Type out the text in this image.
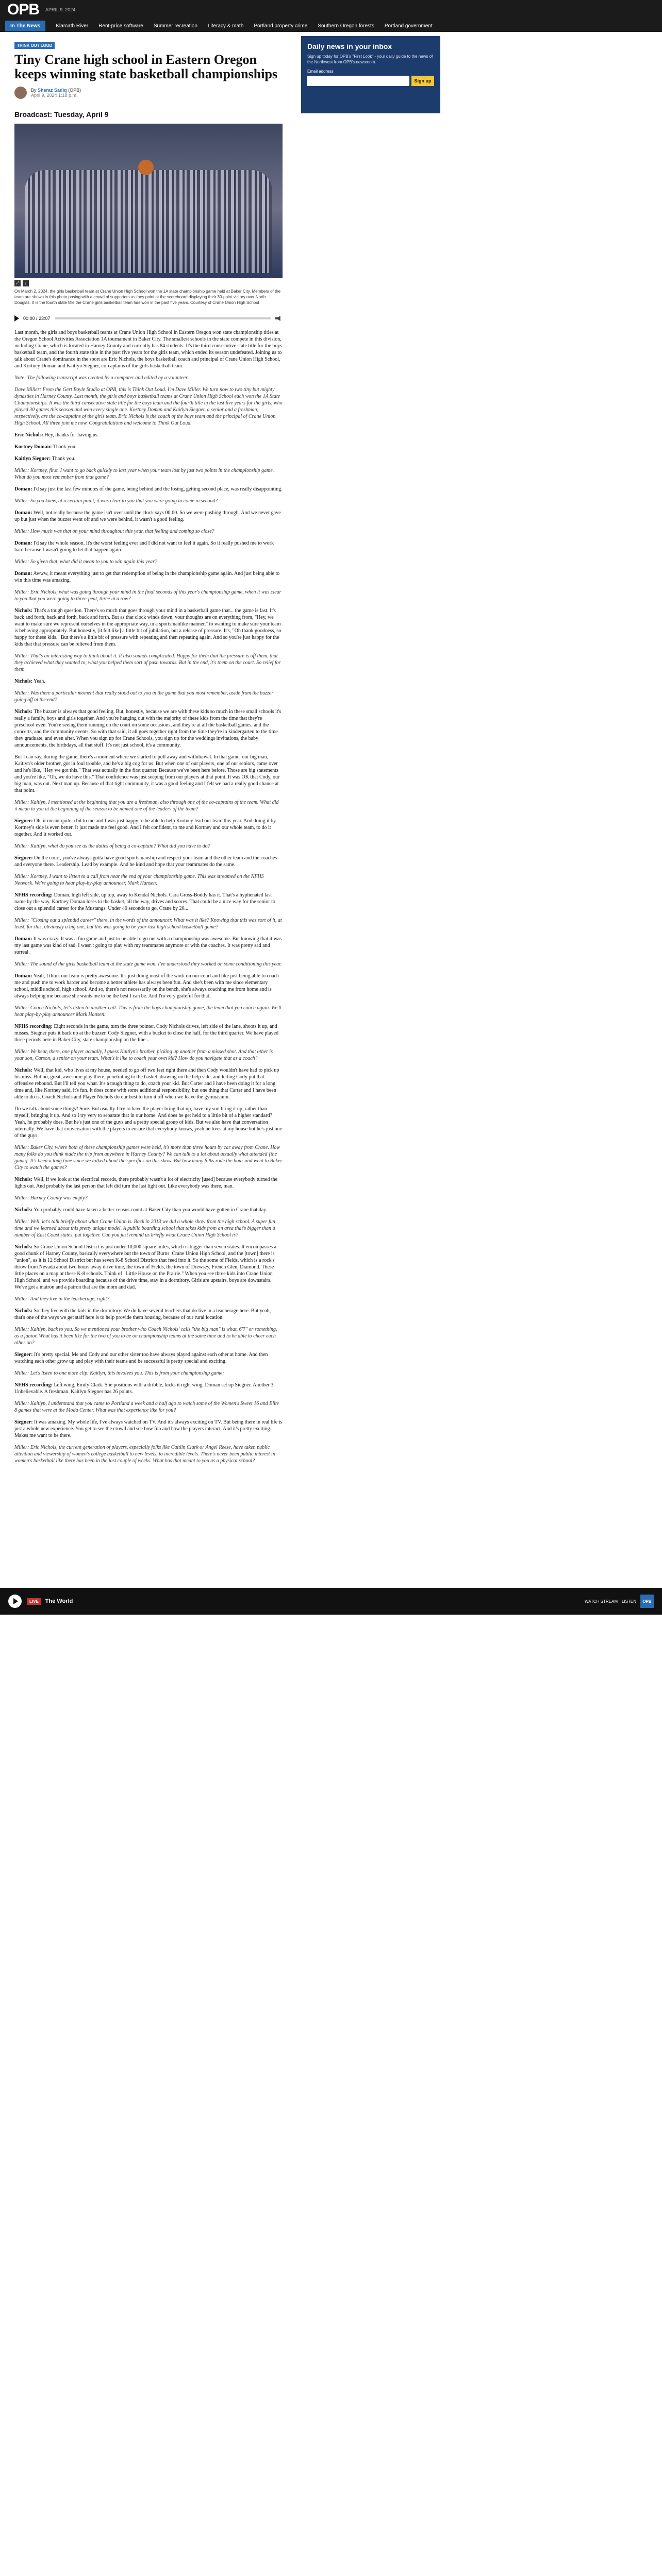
OPB APRIL 9, 2024
In The News	Klamath River Rent-price software Summer recreation Literacy & math Portland property crime Southern Oregon forests Portland government
THINK OUT LOUD
Tiny Crane high school in Eastern Oregon keeps winning state basketball championships
By Sheraz Sadiq (OPB)
April 9, 2024 1:18 p.m.
Broadcast: Tuesday, April 9
⤢	i
On March 2, 2024, the girls basketball team at Crane Union High School won the 1A state championship game held at Baker City. Members of the team are shown in this photo posing with a crowd of supporters as they point at the scoreboard displaying their 30-point victory over North Douglas. It is the fourth state title the Crane girls basketball team has won in the past five years. Courtesy of Crane Union High School
00:00 / 23:07

Last month, the girls and boys basketball teams at Crane Union High School in Eastern Oregon won state championship titles at the Oregon School Activities Association 1A tournament in Baker City. The smallest schools in the state compete in this division, including Crane, which is located in Harney County and currently has 84 students. It's the third consecutive state title for the boys basketball team, and the fourth state title in the past five years for the girls team, which ended its season undefeated. Joining us to talk about Crane's dominance in the sport are Eric Nichols, the boys basketball coach and principal of Crane Union High School, and Kortney Doman and Kaitlyn Siegner, co-captains of the girls basketball team.

Note: The following transcript was created by a computer and edited by a volunteer.

Dave Miller: From the Gert Boyle Studio at OPB, this is Think Out Loud. I'm Dave Miller. We turn now to two tiny but mighty dynasties in Harney County. Last month, the girls and boys basketball teams at Crane Union High School each won the 1A State Championships. It was the third consecutive state title for the boys team and the fourth title in the last five years for the girls, who played 30 games this season and won every single one. Kortney Doman and Kaitlyn Siegner, a senior and a freshman, respectively, are the co-captains of the girls team. Eric Nichols is the coach of the boys team and the principal of Crane Union High School. All three join me now. Congratulations and welcome to Think Out Loud.

Eric Nichols: Hey, thanks for having us.

Kortney Doman: Thank you.

Kaitlyn Siegner: Thank you.

Miller: Kortney, first. I want to go back quickly to last year when your team lost by just two points in the championship game. What do you most remember from that game?

Doman: I'd say just the last few minutes of the game, being behind and the losing, getting second place, was really disappointing.

Miller: So you knew, at a certain point, it was clear to you that you were going to come in second?

Doman: Well, not really because the game isn't over until the clock says 00:00. So we were pushing through. And we never gave up but just when the buzzer went off and we were behind, it wasn't a good feeling.

Miller: How much was that on your mind throughout this year, that feeling and coming so close?

Doman: I'd say the whole season. It's the worst feeling ever and I did not want to feel it again. So it really pushed me to work hard because I wasn't going to let that happen again.

Miller: So given that, what did it mean to you to win again this year?

Doman: Awww, it meant everything just to get that redemption of being in the championship game again. And just being able to win this time was amazing.

Miller: Eric Nichols, what was going through your mind in the final seconds of this year's championship game, when it was clear to you that you were going to three-peat, three in a row?

Nichols: That's a tough question. There's so much that goes through your mind in a basketball game that... the game is fast. It's back and forth, back and forth, back and forth. But as that clock winds down, your thoughts are on everything from, "Hey, we want to make sure we represent ourselves in the appropriate way, in a sportsmanlike manner," to wanting to make sure your team is behaving appropriately. But honestly, [it felt like] a little bit of jubilation, but a release of pressure. It's, "Oh thank goodness, so happy for these kids." But there's a little bit of pressure with repeating and then repeating again. And so you're just happy for the kids that that pressure can be relieved from them.

Miller: That's an interesting way to think about it. It also sounds complicated. Happy for them that the pressure is off them, that they achieved what they wanted to, what you helped them sort of push towards. But in the end, it's them on the court. So relief for them.

Nichols: Yeah.

Miller: Was there a particular moment that really stood out to you in the game that you most remember, aside from the buzzer going off at the end?

Nichols: The buzzer is always that good feeling. But, honestly, because we are with these kids so much in these small schools it's really a family, boys and girls together. And you're hanging out with the majority of these kids from the time that they're preschool even. You're seeing them running on the court on some occasions, and they're at all the basketball games, and the concerts, and the community events. So with that said, it all goes together right from the time they're in kindergarten to the time they graduate, and even after. When you sign up for Crane Schools, you sign up for the weddings invitations, the baby announcements, the birthdays, all that stuff. It's not just school, it's a community.

But I can say, during the game, there's a moment where we started to pull away and withdrawal. In that game, our big man, Kaitlyn's older brother, got in foul trouble, and he's a big cog for us. But when one of our players, one of our seniors, came over and he's like, "Hey we got this." That was actually in the first quarter. Because we've been here before. Those are big statements and you're like, "Oh, we do have this." That confidence was just seeping from our players at that point. It was OK that Cody, our big man, was out. Next man up. Because of that tight community, it was a good feeling and I felt we had a really good chance at that point.

Miller: Kaitlyn, I mentioned at the beginning that you are a freshman, also through one of the co-captains of the team. What did it mean to you at the beginning of the season to be named one of the leaders of the team?

Siegner: Oh, it meant quite a bit to me and I was just happy to be able to help Kortney lead our team this year. And doing it by Kortney's side is even better. It just made me feel good. And I felt confident, to me and Kortney and our whole team, to do it together. And it worked out.

Miller: Kaitlyn, what do you see as the duties of being a co-captain? What did you have to do?

Siegner: On the court, you've always gotta have good sportsmanship and respect your team and the other team and the coaches and everyone there. Leadership. Lead by example. And be kind and hope that your teammates do the same.

Miller: Kortney, I want to listen to a call from near the end of your championship game. This was streamed on the NFHS Network. We're going to hear play-by-play announcer, Mark Hansen:

NFHS recording: Doman, high left side, up top, away to Kendal Nichols. Cara Gross-Boddy has it. That's a hyphenated last name by the way. Kortney Doman loses to the basket, all the way, drives and scores. That could be a nice way for the senior to close out a splendid career for the Mustangs. Under 40 seconds to go, Crane by 20...

Miller: "Closing out a splendid career" there, in the words of the announcer. What was it like? Knowing that this was sort of it, at least, for this, obviously a big one, but this was going to be your last high school basketball game?

Doman: It was crazy. It was a fun game and just to be able to go out with a championship was awesome. But knowing that it was my last game was kind of sad. I wasn't going to play with my teammates anymore or with the coaches. It was pretty sad and surreal.

Miller: The sound of the girls basketball team at the state game won. I've understood they worked on some conditioning this year.

Doman: Yeah, I think our team is pretty awesome. It's just doing most of the work on our court and like just being able to coach me and push me to work harder and become a better athlete has always been fun. And she's been with me since elementary school, middle school, high school. And so, there's not necessarily on the bench, she's always coaching me from home and is always helping me because she wants me to be the best I can be. And I'm very grateful for that.

Miller: Coach Nichols, let's listen to another call. This is from the boys championship game, the team that you coach again. We'll hear play-by-play announcer Mark Hansen:

NFHS recording: Eight seconds in the game, turn the three pointer. Cody Nichols drives, left side of the lane, shoots it up, and misses. Siegner puts it back up at the buzzer. Cody Siegner, with a bucket to close the half, for the third quarter. We have played three periods here in Baker City, state championship on the line...

Miller: We hear, there, one player actually, I guess Kaitlyn's brother, picking up another from a missed shot. And that other is your son, Carson, a senior on your team. What's it like to coach your own kid? How do you navigate that as a coach?

Nichols: Well, that kid, who lives at my house, needed to go off two feet right there and then Cody wouldn't have had to pick up his miss. But no, great, awesome play there, penetrating to the basket, drawing on the help side, and letting Cody put that offensive rebound. But I'll tell you what. It's a tough thing to do, coach your kid. But Carter and I have been doing it for a long time and, like Kortney said, it's fun. It does come with some additional responsibility, but one thing that Carter and I have been able to do is, Coach Nichols and Player Nichols do our best to turn it off when we leave the gymnasium.

Do we talk about some things? Sure. But usually I try to have the player bring that up, have my son bring it up, rather than myself, bringing it up. And so I try very to separate that in our home. And does he get held to a little bit of a higher standard? Yeah, he probably does. But he's just one of the guys and a pretty special group of kids. But we also have that conversation internally. We have that conversation with the players to ensure that everybody knows, yeah he lives at my house but he's just one of the guys.

Miller: Baker City, where both of these championship games were held, it's more than three hours by car away from Crane. How many folks do you think made the trip from anywhere in Harney County? We can talk to a lot about actually what attended [the game]. It's been a long time since we talked about the specifics on this show. But how many folks rode the hour and went to Baker City to watch the games?

Nichols: Well, if we look at the electrical records, there probably wasn't a lot of electricity [used] because everybody turned the lights out. And probably the last person that left did turn the last light out. Like everybody was there, man.

Miller: Harney County was empty?

Nichols: You probably could have taken a better census count at Baker City than you would have gotten in Crane that day.

Miller: Well, let's talk briefly about what Crane Union is. Back in 2013 we did a whole show from the high school. A super fun time and we learned about this pretty unique model. A public boarding school that takes kids from an area that's bigger than a number of East Coast states, put together. Can you just remind us briefly what Crane Union High School is?

Nichols: So Crane Union School District is just under 10,000 square miles, which is bigger than seven states. It encompasses a good chunk of Harney County, basically everywhere but the town of Burns. Crane Union High School, and the [town] there is "union", as it is 12 School District but has seven K-8 School Districts that feed into it. So the some of Fields, which is a rock's throw from Nevada about two hours away drive time, the town of Fields, the town of Drewsey, French Glen, Diamond. These little places on a map or these K-8 schools. Think of "Little House on the Prairie." When you see three kids into Crane Union High School, and we provide boarding because of the drive time, stay in a dormitory. Girls are upstairs, boys are downstairs. We've got a matron and a patron that are the mom and dad.

Miller: And they live in the teacherage, right?

Nichols: So they live with the kids in the dormitory. We do have several teachers that do live in a teacherage here. But yeah, that's one of the ways we get staff here is to help provide them housing, because of our rural location.

Miller: Kaitlyn, back to you. So we mentioned your brother who Coach Nichols' calls "the big man" is what, 6'7" or something, as a junior. What has it been like for the two of you to be on championship teams at the same time and to be able to cheer each other on?

Siegner: It's pretty special. Me and Cody and our other sister too have always played against each other at home. And then watching each other grow up and play with their teams and be successful is pretty special and exciting.

Miller: Let's listen to one more clip. Kaitlyn, this involves you. This is from your championship game:

NFHS recording: Left wing, Emily Clark. She positions with a dribble, kicks it right wing. Doman set up Siegner. Another 3. Unbelievable. A freshman. Kaitlyn Siegner has 26 points.

Miller: Kaitlyn, I understand that you came to Portland a week and a half ago to watch some of the Women's Sweet 16 and Elite 8 games that were at the Moda Center. What was that experience like for you?

Siegner: It was amazing. My whole life, I've always watched on TV. And it's always exciting on TV. But being there in real life is just a whole new experience. You get to see the crowd and see how fun and how the players interact. And it's pretty exciting. Makes me want to be there.

Miller: Eric Nichols, the current generation of players, especially folks like Caitlin Clark or Angel Reese, have taken public attention and viewership of women's college basketball to new levels, to incredible levels. There's never been public interest in women's basketball like there has been in the last couple of weeks. What has that meant to you as a physical school?

Daily news in your inbox
Sign up today for OPB's "First Look" - your daily guide to the news of the Northwest from OPB's newsroom.
Email address
Sign up
LIVE	The World	WATCH STREAM LISTEN	OPB
